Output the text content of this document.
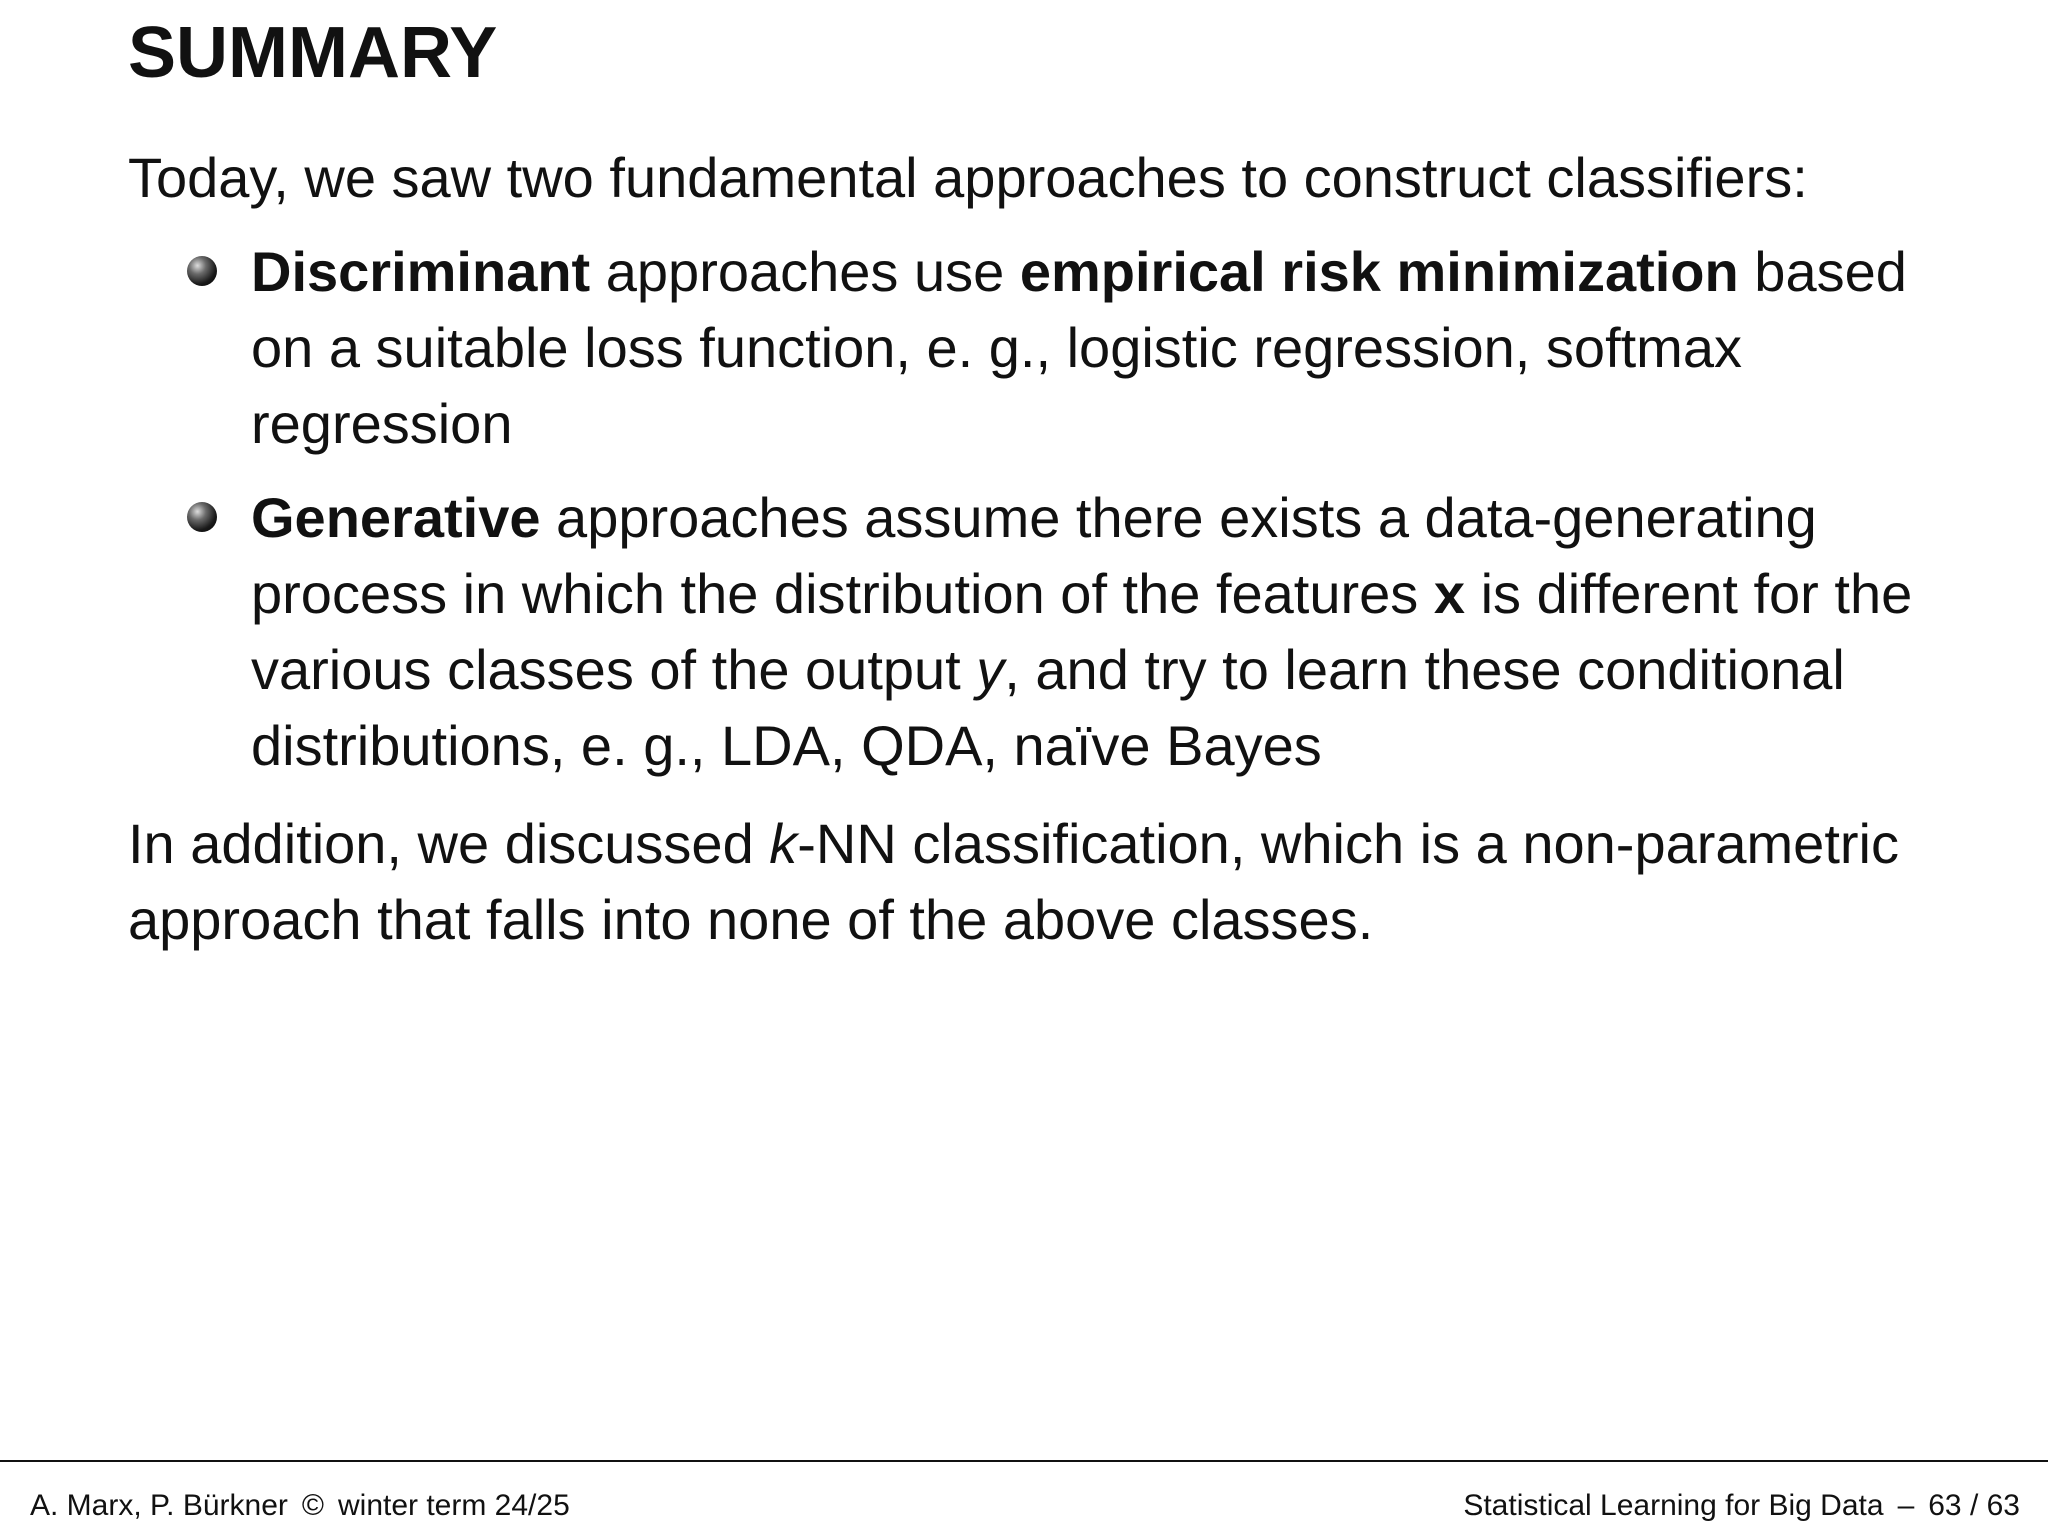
SUMMARY

Today, we saw two fundamental approaches to construct classifiers:

Discriminant approaches use empirical risk minimization based on a suitable loss function, e. g., logistic regression, softmax regression
Generative approaches assume there exists a data-generating process in which the distribution of the features x is different for the various classes of the output y, and try to learn these conditional distributions, e. g., LDA, QDA, naïve Bayes

In addition, we discussed k-NN classification, which is a non-parametric approach that falls into none of the above classes.

A. Marx, P. Bürkner © winter term 24/25	Statistical Learning for Big Data – 63 / 63
